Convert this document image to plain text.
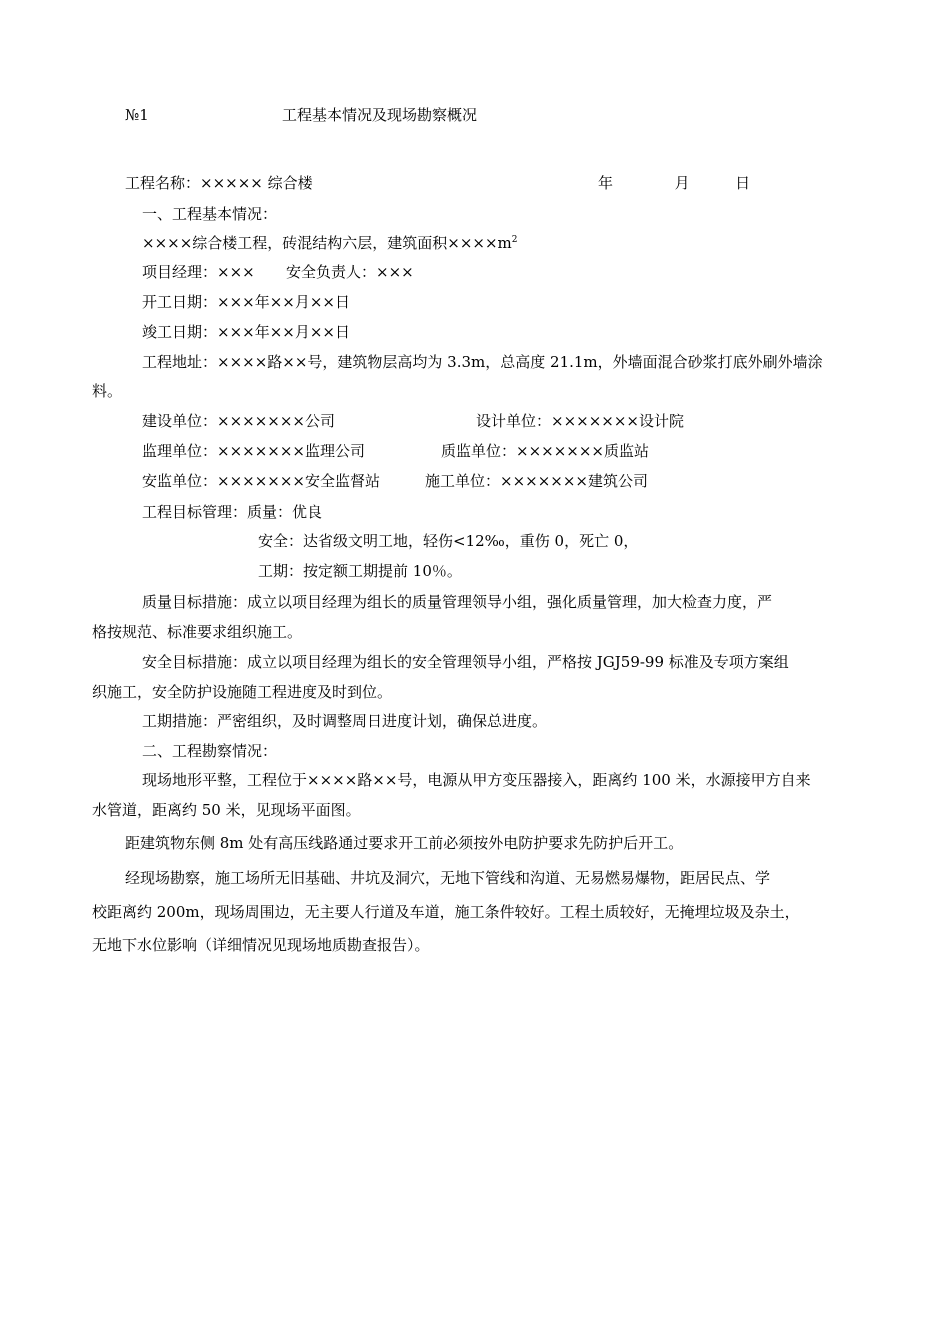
№1	工程基本情况及现场勘察概况
工程名称：××××× 综合楼	年	月	日
一、工程基本情况：
××××综合楼工程，砖混结构六层，建筑面积$\times\times\times\times m^2$
项目经理：××× 安全负责人：×××
开工日期：×××年××月××日
竣工日期：×××年××月××日
工程地址：××××路××号，建筑物层高均为 3.3m，总高度 21.1m，外墙面混合砂浆打底外刷外墙涂
料。
建设单位：×××××××公司	设计单位：×××××××设计院
监理单位：×××××××监理公司	质监单位：×××××××质监站
安监单位：×××××××安全监督站	施工单位：×××××××建筑公司
工程目标管理：质量：优良
安全：达省级文明工地，轻伤<12‰，重伤 0，死亡 0，
工期：按定额工期提前 10％。
质量目标措施：成立以项目经理为组长的质量管理领导小组，强化质量管理，加大检查力度，严
格按规范、标准要求组织施工。
安全目标措施：成立以项目经理为组长的安全管理领导小组，严格按 JGJ59-99 标准及专项方案组
织施工，安全防护设施随工程进度及时到位。
工期措施：严密组织，及时调整周日进度计划，确保总进度。
二、工程勘察情况：
现场地形平整，工程位于××××路××号，电源从甲方变压器接入，距离约 100 米，水源接甲方自来
水管道，距离约 50 米，见现场平面图。
距建筑物东侧 8m 处有高压线路通过要求开工前必须按外电防护要求先防护后开工。
经现场勘察，施工场所无旧基础、井坑及洞穴，无地下管线和沟道、无易燃易爆物，距居民点、学
校距离约 200m，现场周围边，无主要人行道及车道，施工条件较好。工程土质较好，无掩埋垃圾及杂土，
无地下水位影响（详细情况见现场地质勘查报告）。
